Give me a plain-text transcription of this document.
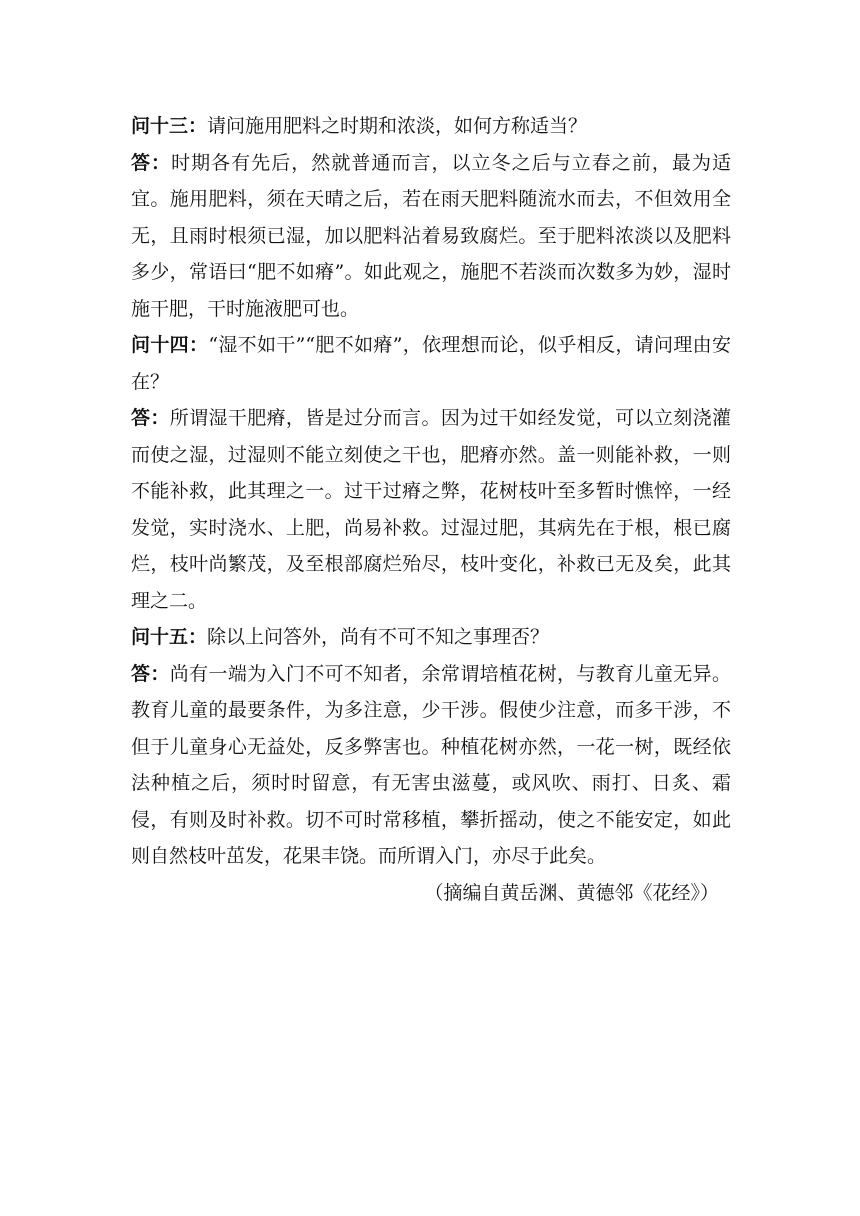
问十三：请问施用肥料之时期和浓淡，如何方称适当？

答：时期各有先后，然就普通而言，以立冬之后与立春之前，最为适宜。施用肥料，须在天晴之后，若在雨天肥料随流水而去，不但效用全无，且雨时根须已湿，加以肥料沾着易致腐烂。至于肥料浓淡以及肥料多少，常语曰“肥不如瘠”。如此观之，施肥不若淡而次数多为妙，湿时施干肥，干时施液肥可也。

问十四：“湿不如干”“肥不如瘠”，依理想而论，似乎相反，请问理由安在？

答：所谓湿干肥瘠，皆是过分而言。因为过干如经发觉，可以立刻浇灌而使之湿，过湿则不能立刻使之干也，肥瘠亦然。盖一则能补救，一则不能补救，此其理之一。过干过瘠之弊，花树枝叶至多暂时憔悴，一经发觉，实时浇水、上肥，尚易补救。过湿过肥，其病先在于根，根已腐烂，枝叶尚繁茂，及至根部腐烂殆尽，枝叶变化，补救已无及矣，此其理之二。

问十五：除以上问答外，尚有不可不知之事理否？

答：尚有一端为入门不可不知者，余常谓培植花树，与教育儿童无异。教育儿童的最要条件，为多注意，少干涉。假使少注意，而多干涉，不但于儿童身心无益处，反多弊害也。种植花树亦然，一花一树，既经依法种植之后，须时时留意，有无害虫滋蔓，或风吹、雨打、日炙、霜侵，有则及时补救。切不可时常移植，攀折摇动，使之不能安定，如此则自然枝叶茁发，花果丰饶。而所谓入门，亦尽于此矣。

（摘编自黄岳渊、黄德邻《花经》）
